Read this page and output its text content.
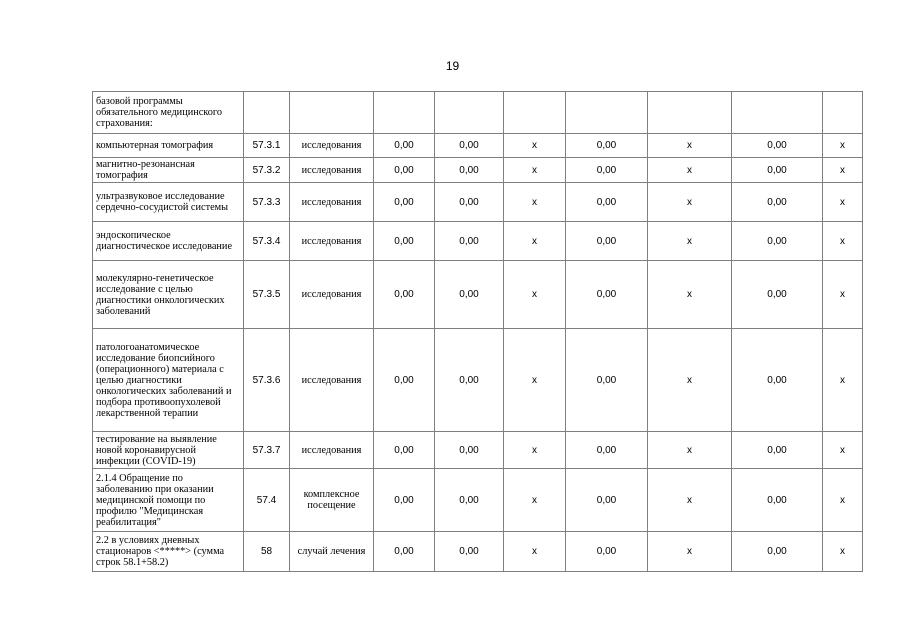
19
базовой программы обязательного медицинского страхования:									
компьютерная томография	57.3.1	исследования	0,00	0,00	x	0,00	x	0,00	x
магнитно-резонансная томография	57.3.2	исследования	0,00	0,00	x	0,00	x	0,00	x
ультразвуковое исследование сердечно-сосудистой системы	57.3.3	исследования	0,00	0,00	x	0,00	x	0,00	x
эндоскопическое диагностическое исследование	57.3.4	исследования	0,00	0,00	x	0,00	x	0,00	x
молекулярно-генетическое исследование с целью диагностики онкологических заболеваний	57.3.5	исследования	0,00	0,00	x	0,00	x	0,00	x
патологоанатомическое исследование биопсийного (операционного) материала с целью диагностики онкологических заболеваний и подбора противоопухолевой лекарственной терапии	57.3.6	исследования	0,00	0,00	x	0,00	x	0,00	x
тестирование на выявление новой коронавирусной инфекции (COVID-19)	57.3.7	исследования	0,00	0,00	x	0,00	x	0,00	x
2.1.4 Обращение по заболеванию при оказании медицинской помощи по профилю "Медицинская реабилитация"	57.4	комплексное посещение	0,00	0,00	x	0,00	x	0,00	x
2.2 в условиях дневных стационаров <*****> (сумма строк 58.1+58.2)	58	случай лечения	0,00	0,00	x	0,00	x	0,00	x
